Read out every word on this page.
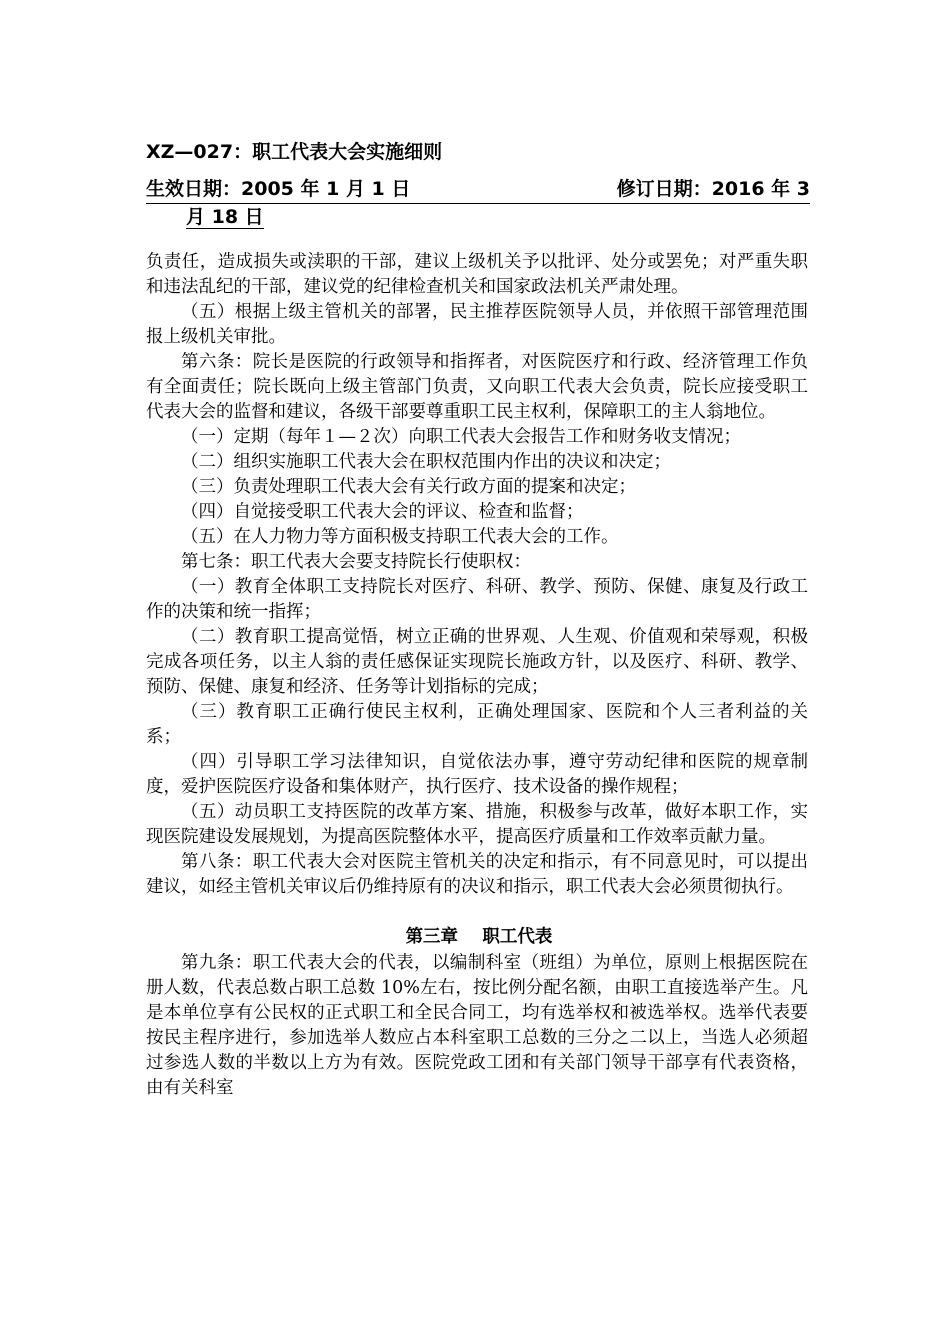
XZ—027：职工代表大会实施细则
生效日期：2005 年 1 月 1 日	修订日期：2016 年 3
月 18 日

负责任，造成损失或渎职的干部，建议上级机关予以批评、处分或罢免；对严重失职和违法乱纪的干部，建议党的纪律检查机关和国家政法机关严肃处理。

（五）根据上级主管机关的部署，民主推荐医院领导人员，并依照干部管理范围报上级机关审批。

第六条：院长是医院的行政领导和指挥者，对医院医疗和行政、经济管理工作负有全面责任；院长既向上级主管部门负责，又向职工代表大会负责，院长应接受职工代表大会的监督和建议，各级干部要尊重职工民主权利，保障职工的主人翁地位。

（一）定期（每年１—２次）向职工代表大会报告工作和财务收支情况；

（二）组织实施职工代表大会在职权范围内作出的决议和决定；

（三）负责处理职工代表大会有关行政方面的提案和决定；

（四）自觉接受职工代表大会的评议、检查和监督；

（五）在人力物力等方面积极支持职工代表大会的工作。

第七条：职工代表大会要支持院长行使职权：

（一）教育全体职工支持院长对医疗、科研、教学、预防、保健、康复及行政工作的决策和统一指挥；

（二）教育职工提高觉悟，树立正确的世界观、人生观、价值观和荣辱观，积极完成各项任务，以主人翁的责任感保证实现院长施政方针，以及医疗、科研、教学、预防、保健、康复和经济、任务等计划指标的完成；

（三）教育职工正确行使民主权利，正确处理国家、医院和个人三者利益的关系；

（四）引导职工学习法律知识，自觉依法办事，遵守劳动纪律和医院的规章制度，爱护医院医疗设备和集体财产，执行医疗、技术设备的操作规程；

（五）动员职工支持医院的改革方案、措施，积极参与改革，做好本职工作，实现医院建设发展规划，为提高医院整体水平，提高医疗质量和工作效率贡献力量。

第八条：职工代表大会对医院主管机关的决定和指示，有不同意见时，可以提出建议，如经主管机关审议后仍维持原有的决议和指示，职工代表大会必须贯彻执行。

第三章    职工代表

第九条：职工代表大会的代表，以编制科室（班组）为单位，原则上根据医院在册人数，代表总数占职工总数 10%左右，按比例分配名额，由职工直接选举产生。凡是本单位享有公民权的正式职工和全民合同工，均有选举权和被选举权。选举代表要按民主程序进行，参加选举人数应占本科室职工总数的三分之二以上，当选人必须超过参选人数的半数以上方为有效。医院党政工团和有关部门领导干部享有代表资格，由有关科室
